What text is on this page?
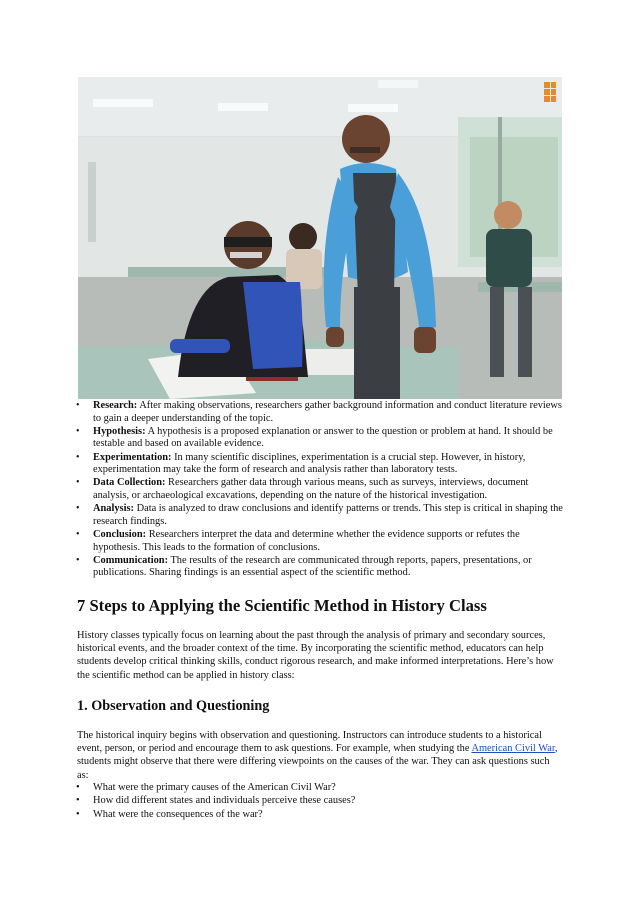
• Research: After making observations, researchers gather background information and conduct literature reviews to gain a deeper understanding of the topic.
• Hypothesis: A hypothesis is a proposed explanation or answer to the question or problem at hand. It should be testable and based on available evidence.
• Experimentation: In many scientific disciplines, experimentation is a crucial step. However, in history, experimentation may take the form of research and analysis rather than laboratory tests.
• Data Collection: Researchers gather data through various means, such as surveys, interviews, document analysis, or archaeological excavations, depending on the nature of the historical investigation.
• Analysis: Data is analyzed to draw conclusions and identify patterns or trends. This step is critical in shaping the research findings.
• Conclusion: Researchers interpret the data and determine whether the evidence supports or refutes the hypothesis. This leads to the formation of conclusions.
• Communication: The results of the research are communicated through reports, papers, presentations, or publications. Sharing findings is an essential aspect of the scientific method.
7 Steps to Applying the Scientific Method in History Class

History classes typically focus on learning about the past through the analysis of primary and secondary sources, historical events, and the broader context of the time. By incorporating the scientific method, educators can help students develop critical thinking skills, conduct rigorous research, and make informed interpretations. Here’s how the scientific method can be applied in history class:

1. Observation and Questioning

The historical inquiry begins with observation and questioning. Instructors can introduce students to a historical event, person, or period and encourage them to ask questions. For example, when studying the American Civil War, students might observe that there were differing viewpoints on the causes of the war. They can ask questions such as:

• What were the primary causes of the American Civil War?
• How did different states and individuals perceive these causes?
• What were the consequences of the war?
